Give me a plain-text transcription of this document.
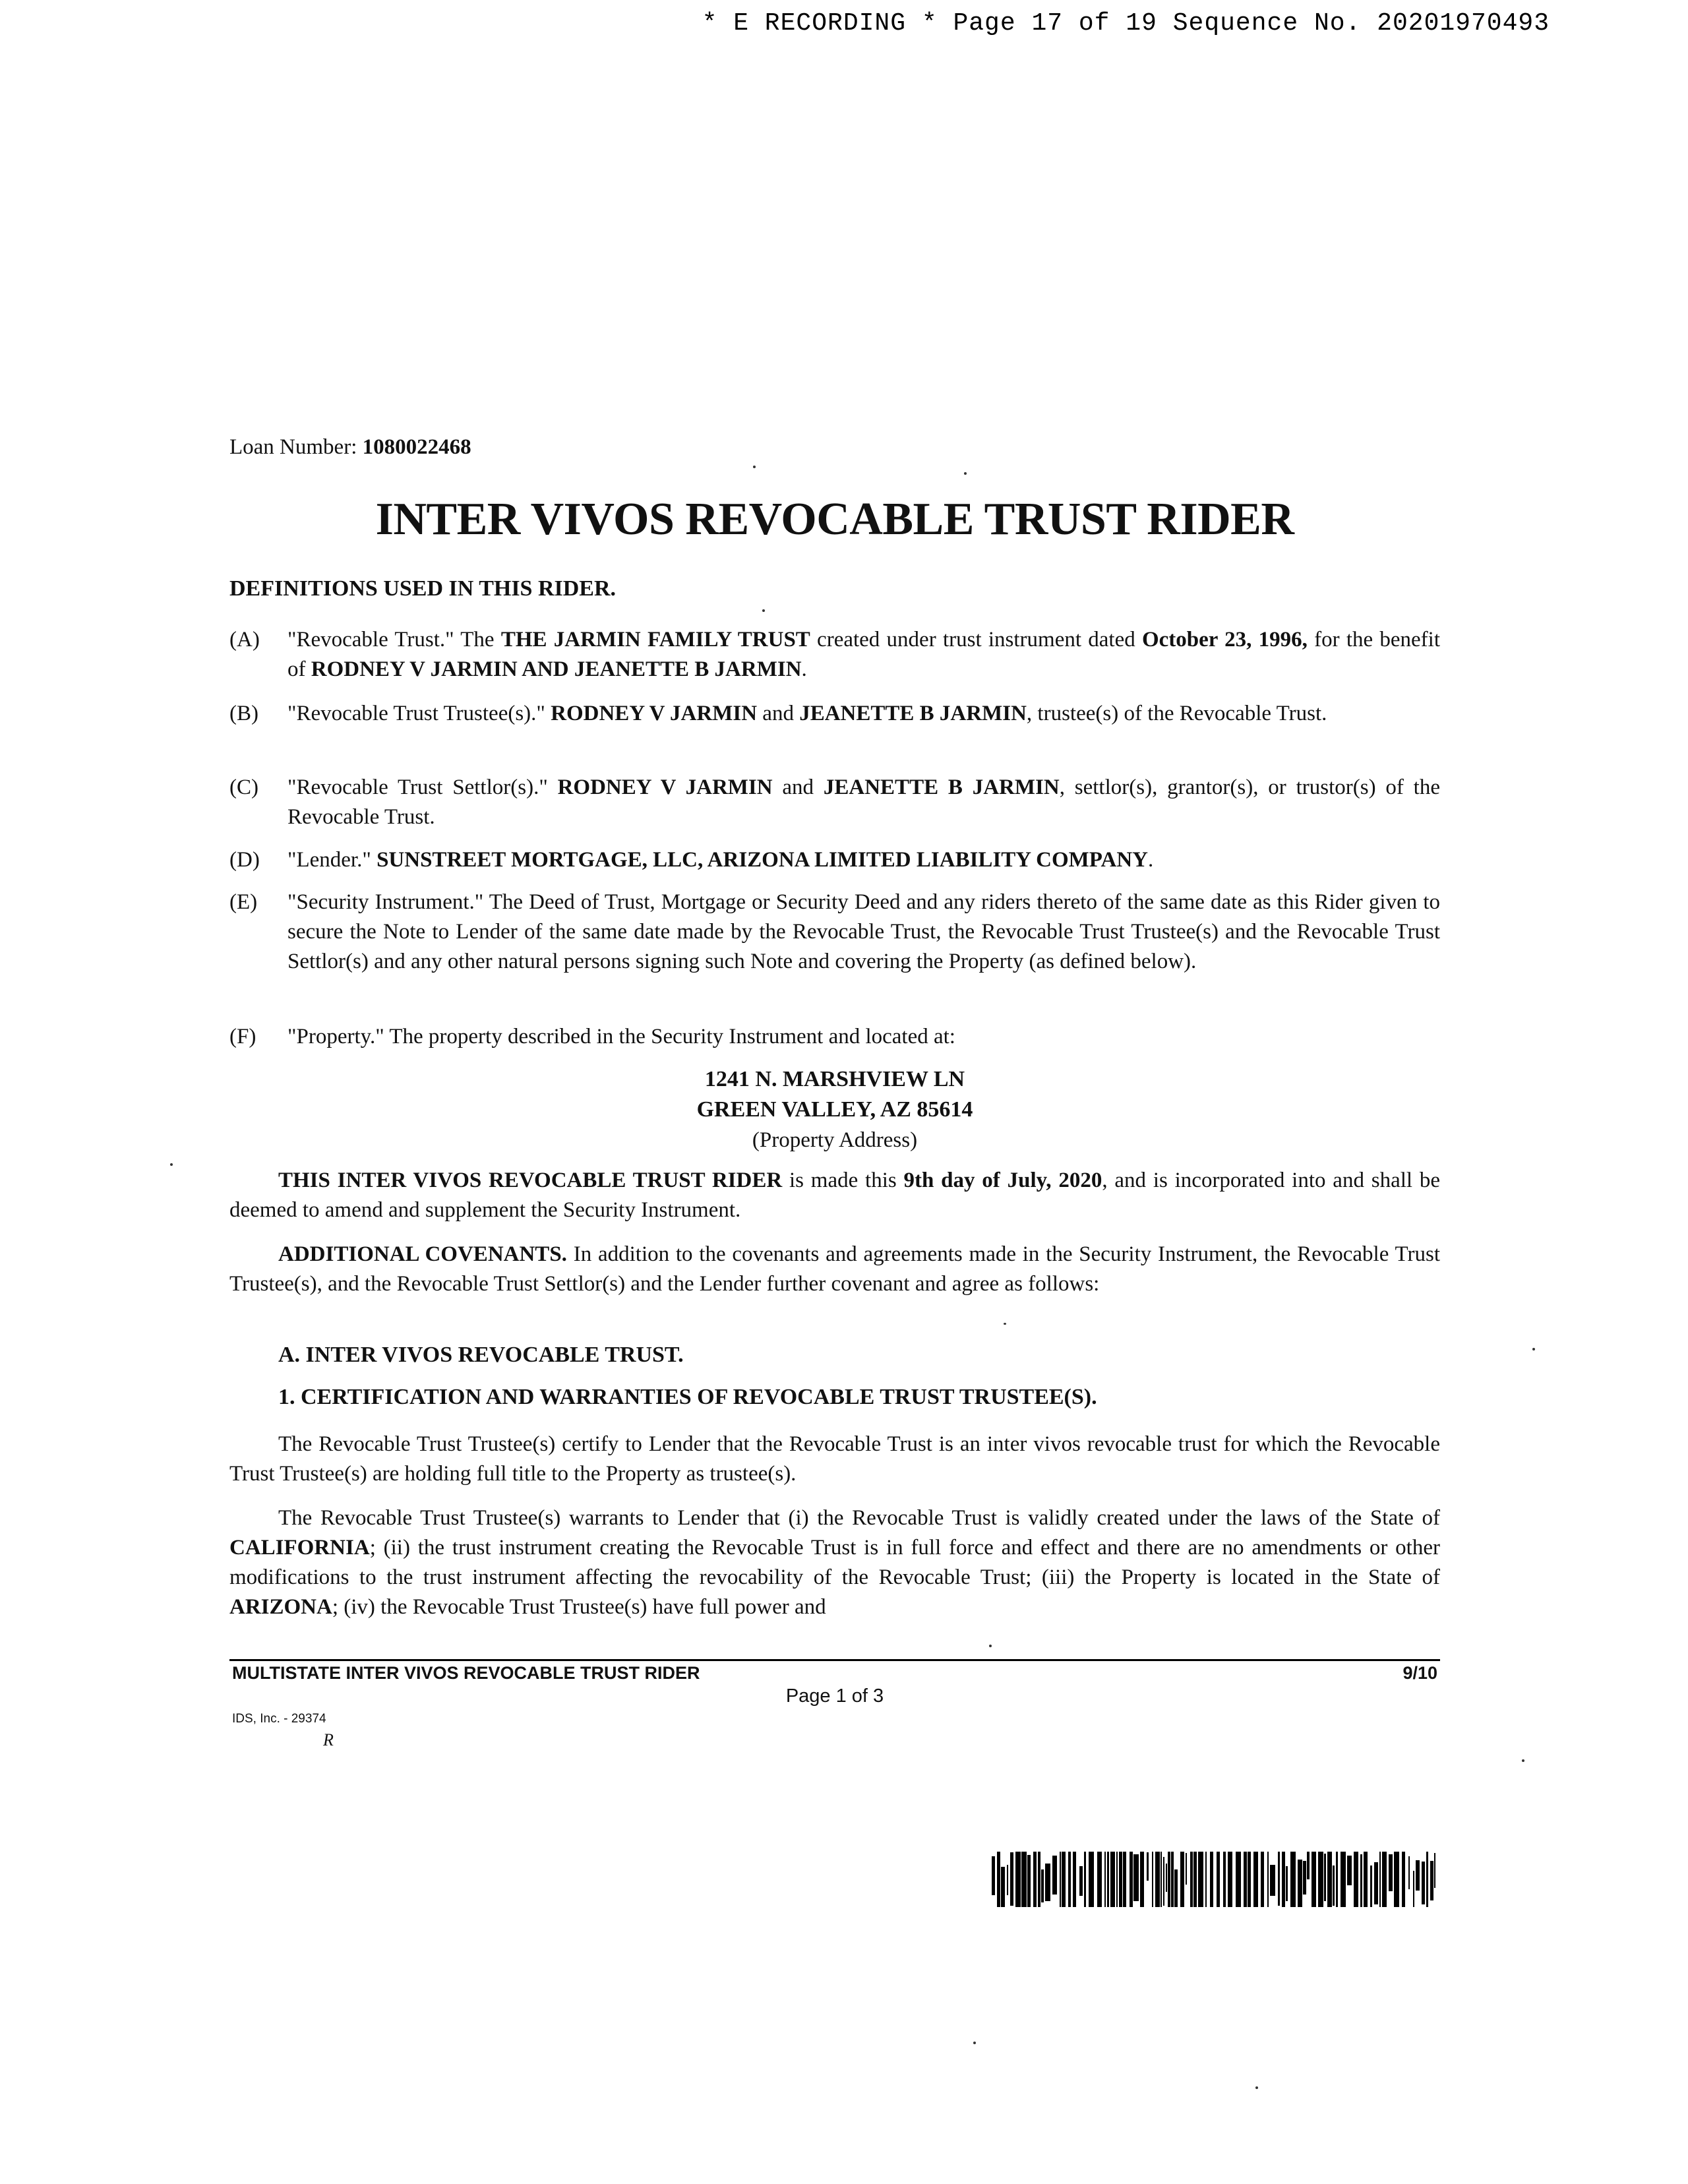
* E RECORDING * Page 17 of 19 Sequence No. 20201970493
Loan Number: 1080022468
INTER VIVOS REVOCABLE TRUST RIDER
DEFINITIONS USED IN THIS RIDER.
(A) "Revocable Trust." The THE JARMIN FAMILY TRUST created under trust instrument dated October 23, 1996, for the benefit of RODNEY V JARMIN AND JEANETTE B JARMIN.
(B) "Revocable Trust Trustee(s)." RODNEY V JARMIN and JEANETTE B JARMIN, trustee(s) of the Revocable Trust.
(C) "Revocable Trust Settlor(s)." RODNEY V JARMIN and JEANETTE B JARMIN, settlor(s), grantor(s), or trustor(s) of the Revocable Trust.
(D) "Lender." SUNSTREET MORTGAGE, LLC, ARIZONA LIMITED LIABILITY COMPANY.
(E) "Security Instrument." The Deed of Trust, Mortgage or Security Deed and any riders thereto of the same date as this Rider given to secure the Note to Lender of the same date made by the Revocable Trust, the Revocable Trust Trustee(s) and the Revocable Trust Settlor(s) and any other natural persons signing such Note and covering the Property (as defined below).
(F) "Property." The property described in the Security Instrument and located at:
1241 N. MARSHVIEW LN
GREEN VALLEY, AZ 85614
(Property Address)
THIS INTER VIVOS REVOCABLE TRUST RIDER is made this 9th day of July, 2020, and is incorporated into and shall be deemed to amend and supplement the Security Instrument.
ADDITIONAL COVENANTS. In addition to the covenants and agreements made in the Security Instrument, the Revocable Trust Trustee(s), and the Revocable Trust Settlor(s) and the Lender further covenant and agree as follows:
A. INTER VIVOS REVOCABLE TRUST.
1. CERTIFICATION AND WARRANTIES OF REVOCABLE TRUST TRUSTEE(S).
The Revocable Trust Trustee(s) certify to Lender that the Revocable Trust is an inter vivos revocable trust for which the Revocable Trust Trustee(s) are holding full title to the Property as trustee(s).
The Revocable Trust Trustee(s) warrants to Lender that (i) the Revocable Trust is validly created under the laws of the State of CALIFORNIA; (ii) the trust instrument creating the Revocable Trust is in full force and effect and there are no amendments or other modifications to the trust instrument affecting the revocability of the Revocable Trust; (iii) the Property is located in the State of ARIZONA; (iv) the Revocable Trust Trustee(s) have full power and
MULTISTATE INTER VIVOS REVOCABLE TRUST RIDER	9/10
Page 1 of 3
IDS, Inc. - 29374
R
